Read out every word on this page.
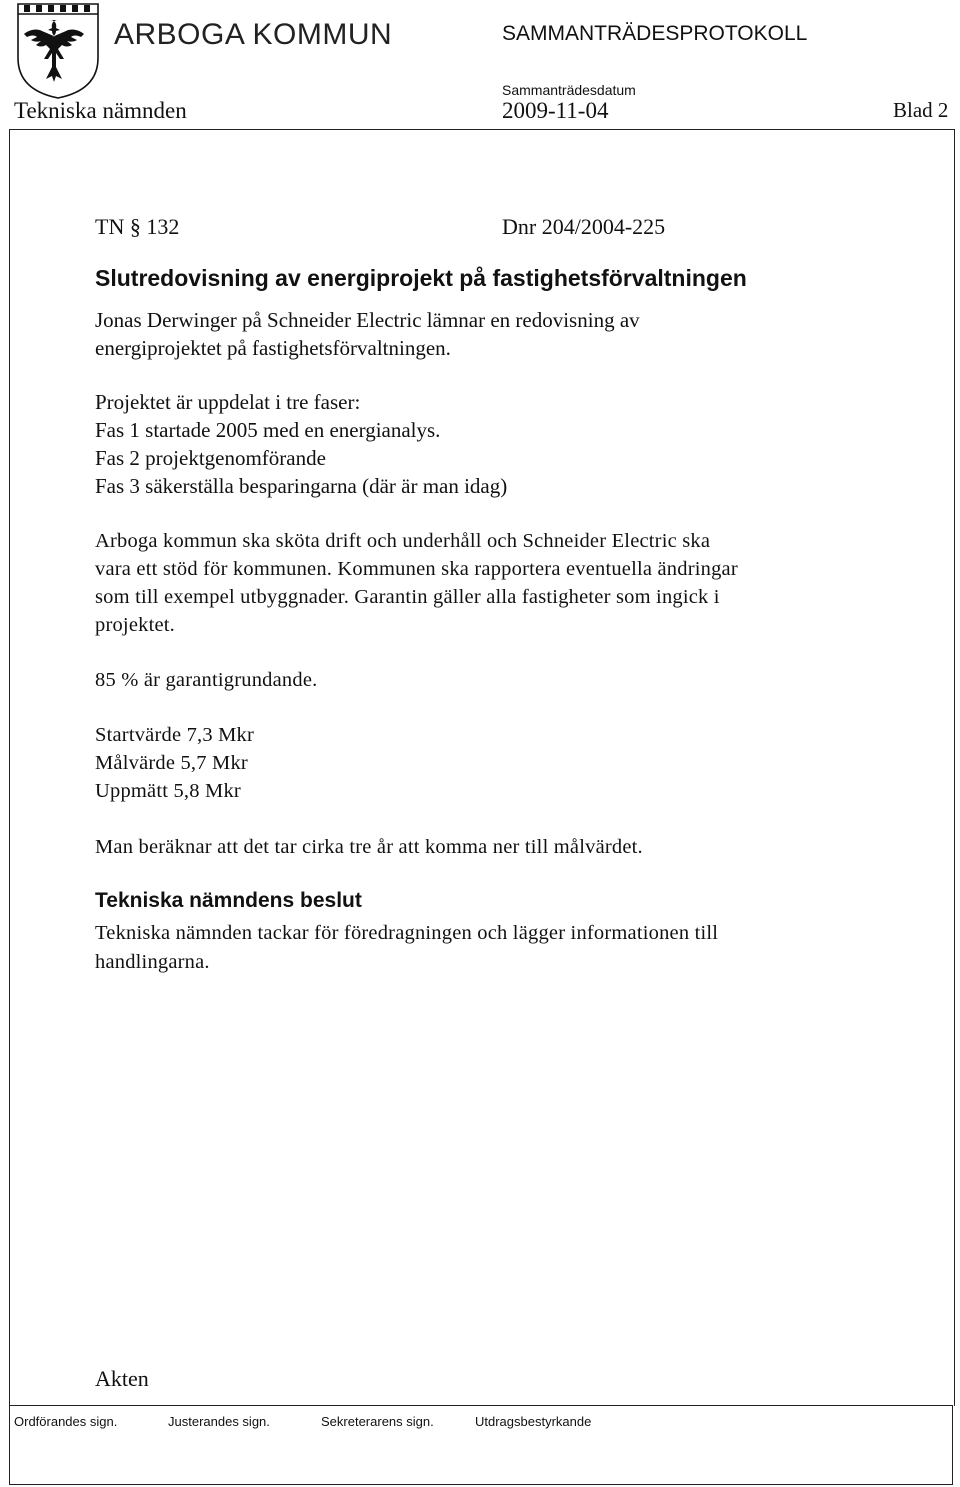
ARBOGA KOMMUN	SAMMANTRÄDESPROTOKOLL
Sammanträdesdatum
Tekniska nämnden	2009-11-04	Blad 2
TN § 132	Dnr 204/2004-225
Slutredovisning av energiprojekt på fastighetsförvaltningen
Jonas Derwinger på Schneider Electric lämnar en redovisning av
energiprojektet på fastighetsförvaltningen.
Projektet är uppdelat i tre faser:
Fas 1 startade 2005 med en energianalys.
Fas 2 projektgenomförande
Fas 3 säkerställa besparingarna (där är man idag)
Arboga kommun ska sköta drift och underhåll och Schneider Electric ska
vara ett stöd för kommunen. Kommunen ska rapportera eventuella ändringar
som till exempel utbyggnader. Garantin gäller alla fastigheter som ingick i
projektet.
85 % är garantigrundande.
Startvärde 7,3 Mkr
Målvärde 5,7 Mkr
Uppmätt 5,8 Mkr
Man beräknar att det tar cirka tre år att komma ner till målvärdet.
Tekniska nämndens beslut
Tekniska nämnden tackar för föredragningen och lägger informationen till
handlingarna.
Akten
Ordförandes sign.	Justerandes sign.	Sekreterarens sign.	Utdragsbestyrkande
